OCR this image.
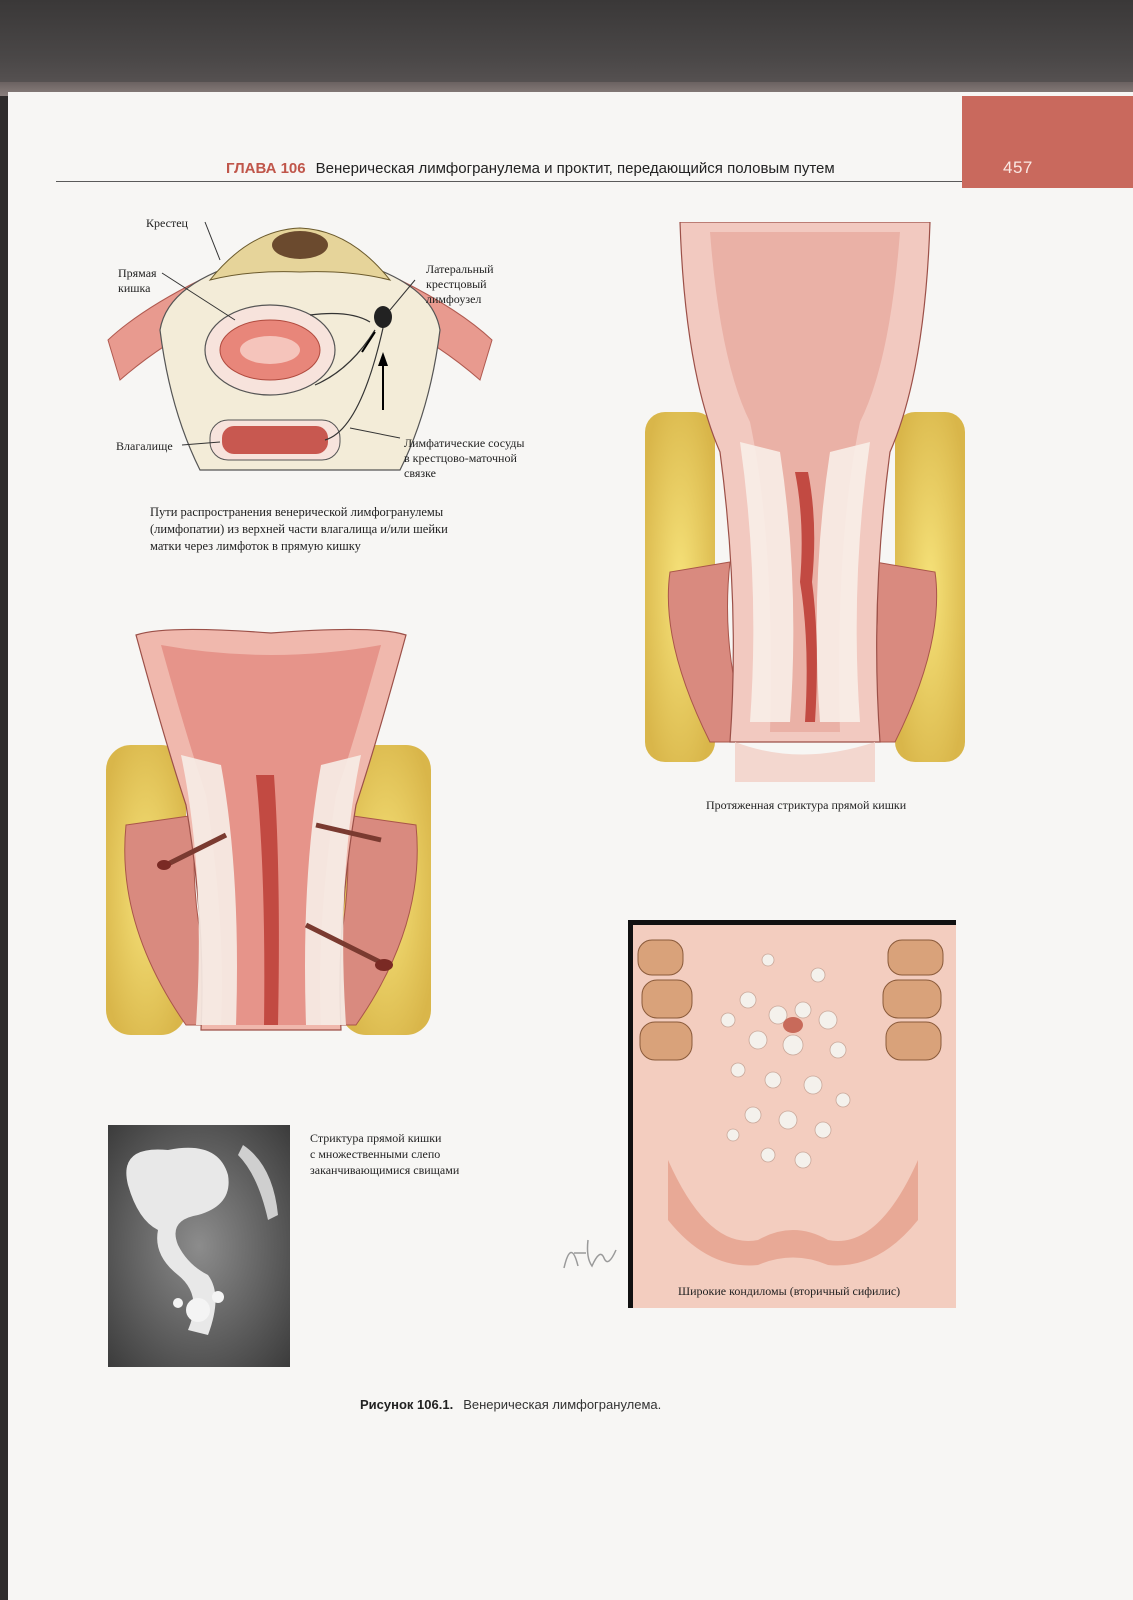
457
ГЛАВА 106 Венерическая лимфогранулема и проктит, передающийся половым путем
Крестец
Прямая
кишка
Латеральный
крестцовый
лимфоузел
Влагалище	Лимфатические сосуды
в крестцово-маточной
связке
Пути распространения венерической лимфогранулемы
(лимфопатии) из верхней части влагалища и/или шейки
матки через лимфоток в прямую кишку
Протяженная стриктура прямой кишки
Стриктура прямой кишки
с множественными слепо
заканчивающимися свищами
Широкие кондиломы (вторичный сифилис)
Рисунок 106.1. Венерическая лимфогранулема.
